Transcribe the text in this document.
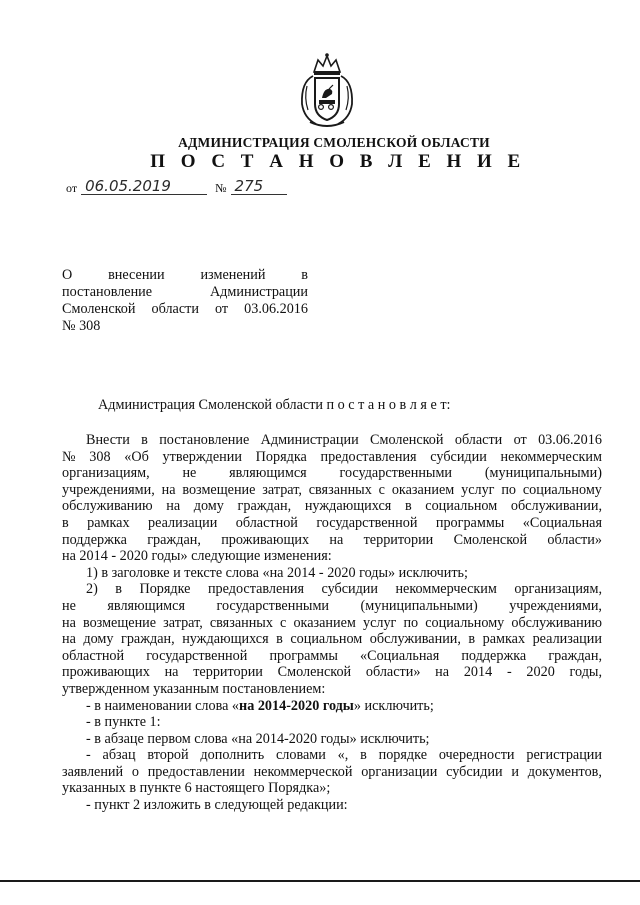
АДМИНИСТРАЦИЯ СМОЛЕНСКОЙ ОБЛАСТИ
П О С Т А Н О В Л Е Н И Е
от 06.05.2019	№ 275
О	внесении	изменений	в
постановление	Администрации
Смоленской области от 03.06.2016
№ 308
Администрация Смоленской области п о с т а н о в л я е т:
Внести в постановление Администрации Смоленской области от 03.06.2016
№ 308 «Об утверждении Порядка предоставления субсидии некоммерческим
организациям, не являющимся государственными (муниципальными)
учреждениями, на возмещение затрат, связанных с оказанием услуг по социальному
обслуживанию на дому граждан, нуждающихся в социальном обслуживании,
в рамках реализации областной государственной программы «Социальная
поддержка граждан, проживающих на территории Смоленской области»
на 2014 - 2020 годы» следующие изменения:
1) в заголовке и тексте слова «на 2014 - 2020 годы» исключить;
2) в Порядке предоставления субсидии некоммерческим организациям,
не являющимся государственными (муниципальными) учреждениями,
на возмещение затрат, связанных с оказанием услуг по социальному обслуживанию
на дому граждан, нуждающихся в социальном обслуживании, в рамках реализации
областной государственной программы «Социальная поддержка граждан,
проживающих на территории Смоленской области» на 2014 - 2020 годы,
утвержденном указанным постановлением:
- в наименовании слова « на 2014-2020 годы » исключить;
- в пункте 1:
- в абзаце первом слова «на 2014-2020 годы» исключить;
- абзац второй дополнить словами «, в порядке очередности регистрации
заявлений о предоставлении некоммерческой организации субсидии и документов,
указанных в пункте 6 настоящего Порядка»;
- пункт 2 изложить в следующей редакции:
